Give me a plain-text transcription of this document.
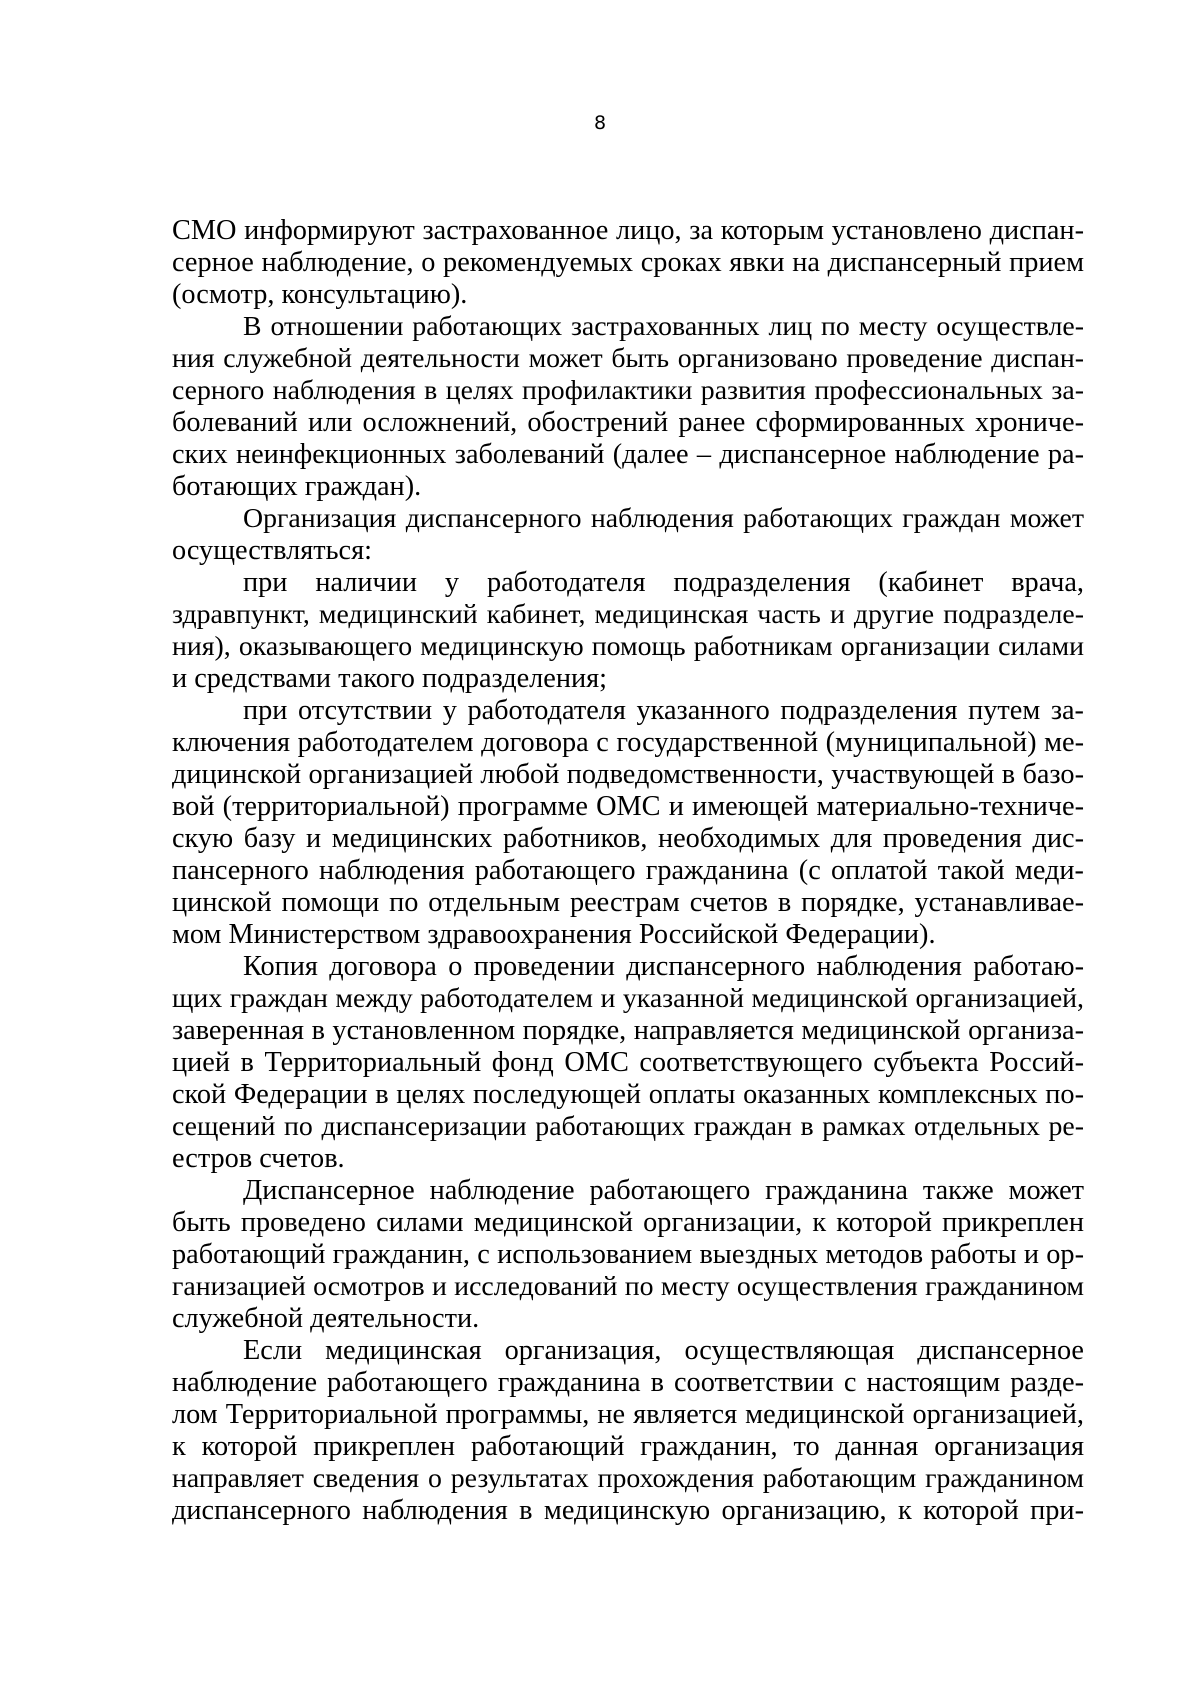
8
СМО информируют застрахованное лицо, за которым установлено диспан-
серное наблюдение, о рекомендуемых сроках явки на диспансерный прием
(осмотр, консультацию).
В отношении работающих застрахованных лиц по месту осуществле-
ния служебной деятельности может быть организовано проведение диспан-
серного наблюдения в целях профилактики развития профессиональных за-
болеваний или осложнений, обострений ранее сформированных хрониче-
ских неинфекционных заболеваний (далее – диспансерное наблюдение ра-
ботающих граждан).
Организация диспансерного наблюдения работающих граждан может
осуществляться:
при наличии у работодателя подразделения (кабинет врача,
здравпункт, медицинский кабинет, медицинская часть и другие подразделе-
ния), оказывающего медицинскую помощь работникам организации силами
и средствами такого подразделения;
при отсутствии у работодателя указанного подразделения путем за-
ключения работодателем договора с государственной (муниципальной) ме-
дицинской организацией любой подведомственности, участвующей в базо-
вой (территориальной) программе ОМС и имеющей материально-техниче-
скую базу и медицинских работников, необходимых для проведения дис-
пансерного наблюдения работающего гражданина (с оплатой такой меди-
цинской помощи по отдельным реестрам счетов в порядке, устанавливае-
мом Министерством здравоохранения Российской Федерации).
Копия договора о проведении диспансерного наблюдения работаю-
щих граждан между работодателем и указанной медицинской организацией,
заверенная в установленном порядке, направляется медицинской организа-
цией в Территориальный фонд ОМС соответствующего субъекта Россий-
ской Федерации в целях последующей оплаты оказанных комплексных по-
сещений по диспансеризации работающих граждан в рамках отдельных ре-
естров счетов.
Диспансерное наблюдение работающего гражданина также может
быть проведено силами медицинской организации, к которой прикреплен
работающий гражданин, с использованием выездных методов работы и ор-
ганизацией осмотров и исследований по месту осуществления гражданином
служебной деятельности.
Если медицинская организация, осуществляющая диспансерное
наблюдение работающего гражданина в соответствии с настоящим разде-
лом Территориальной программы, не является медицинской организацией,
к которой прикреплен работающий гражданин, то данная организация
направляет сведения о результатах прохождения работающим гражданином
диспансерного наблюдения в медицинскую организацию, к которой при-
